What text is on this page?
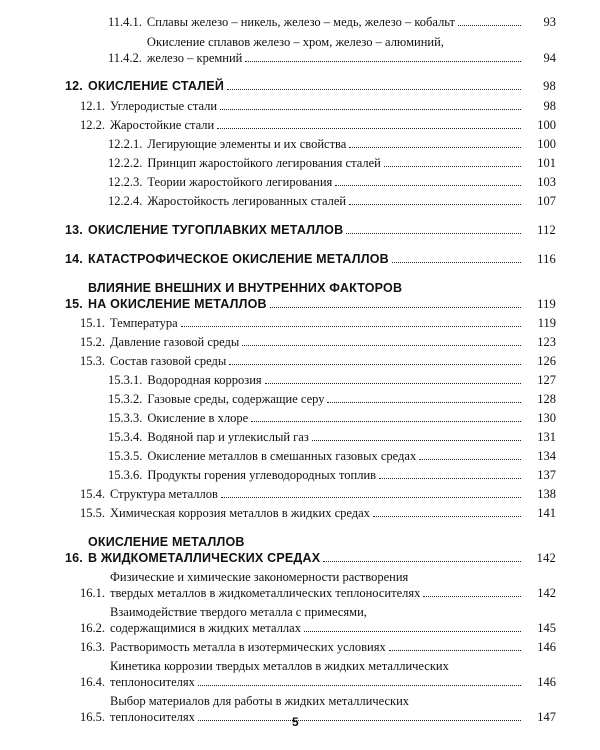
11.4.1. Сплавы железо – никель, железо – медь, железо – кобальт	93
11.4.2.
Окисление сплавов железо – хром, железо – алюминий,
железо – кремний	94
12. ОКИСЛЕНИЕ СТАЛЕЙ	98
12.1. Углеродистые стали	98
12.2. Жаростойкие стали	100
12.2.1. Легирующие элементы и их свойства	100
12.2.2. Принцип жаростойкого легирования сталей	101
12.2.3. Теории жаростойкого легирования	103
12.2.4. Жаростойкость легированных сталей	107
13. ОКИСЛЕНИЕ ТУГОПЛАВКИХ МЕТАЛЛОВ	112
14. КАТАСТРОФИЧЕСКОЕ ОКИСЛЕНИЕ МЕТАЛЛОВ	116
15.
ВЛИЯНИЕ ВНЕШНИХ И ВНУТРЕННИХ ФАКТОРОВ
НА ОКИСЛЕНИЕ МЕТАЛЛОВ	119
15.1. Температура	119
15.2. Давление газовой среды	123
15.3. Состав газовой среды	126
15.3.1. Водородная коррозия	127
15.3.2. Газовые среды, содержащие серу	128
15.3.3. Окисление в хлоре	130
15.3.4. Водяной пар и углекислый газ	131
15.3.5. Окисление металлов в смешанных газовых средах	134
15.3.6. Продукты горения углеводородных топлив	137
15.4. Структура металлов	138
15.5. Химическая коррозия металлов в жидких средах	141
16.
ОКИСЛЕНИЕ МЕТАЛЛОВ
В ЖИДКОМЕТАЛЛИЧЕСКИХ СРЕДАХ	142
16.1.
Физические и химические закономерности растворения
твердых металлов в жидкометаллических теплоносителях	142
16.2.
Взаимодействие твердого металла с примесями,
содержащимися в жидких металлах	145
16.3. Растворимость металла в изотермических условиях	146
16.4.
Кинетика коррозии твердых металлов в жидких металлических
теплоносителях	146
16.5.
Выбор материалов для работы в жидких металлических
теплоносителях	147
5
